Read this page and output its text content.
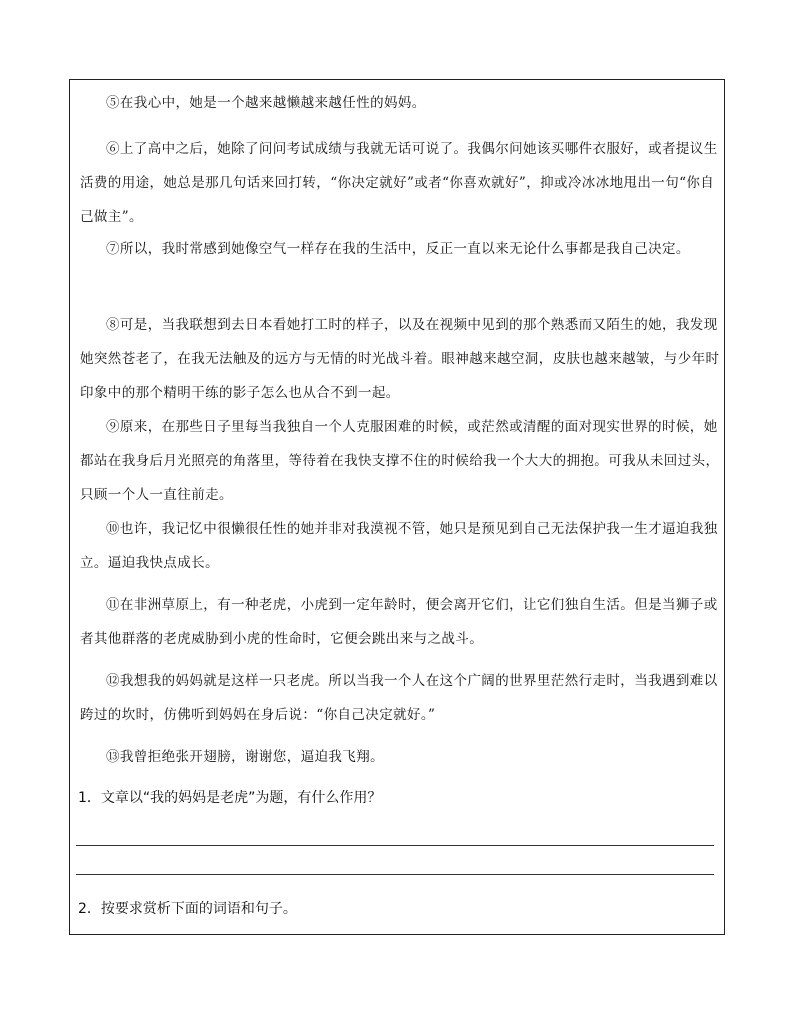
⑤在我心中，她是一个越来越懒越来越任性的妈妈。

⑥上了高中之后，她除了问问考试成绩与我就无话可说了。我偶尔问她该买哪件衣服好，或者提议生活费的用途，她总是那几句话来回打转，“你决定就好”或者“你喜欢就好”，抑或冷冰冰地甩出一句“你自己做主”。

⑦所以，我时常感到她像空气一样存在我的生活中，反正一直以来无论什么事都是我自己决定。

⑧可是，当我联想到去日本看她打工时的样子，以及在视频中见到的那个熟悉而又陌生的她，我发现她突然苍老了，在我无法触及的远方与无情的时光战斗着。眼神越来越空洞，皮肤也越来越皱，与少年时印象中的那个精明干练的影子怎么也从合不到一起。

⑨原来，在那些日子里每当我独自一个人克服困难的时候，或茫然或清醒的面对现实世界的时候，她都站在我身后月光照亮的角落里，等待着在我快支撑不住的时候给我一个大大的拥抱。可我从未回过头，只顾一个人一直往前走。

⑩也许，我记忆中很懒很任性的她并非对我漠视不管，她只是预见到自己无法保护我一生才逼迫我独立。逼迫我快点成长。

⑪在非洲草原上，有一种老虎，小虎到一定年龄时，便会离开它们，让它们独自生活。但是当狮子或者其他群落的老虎威胁到小虎的性命时，它便会跳出来与之战斗。

⑫我想我的妈妈就是这样一只老虎。所以当我一个人在这个广阔的世界里茫然行走时，当我遇到难以跨过的坎时，仿佛听到妈妈在身后说：“你自己决定就好。”

⑬我曾拒绝张开翅膀，谢谢您，逼迫我飞翔。

1．文章以“我的妈妈是老虎”为题，有什么作用？

2．按要求赏析下面的词语和句子。
